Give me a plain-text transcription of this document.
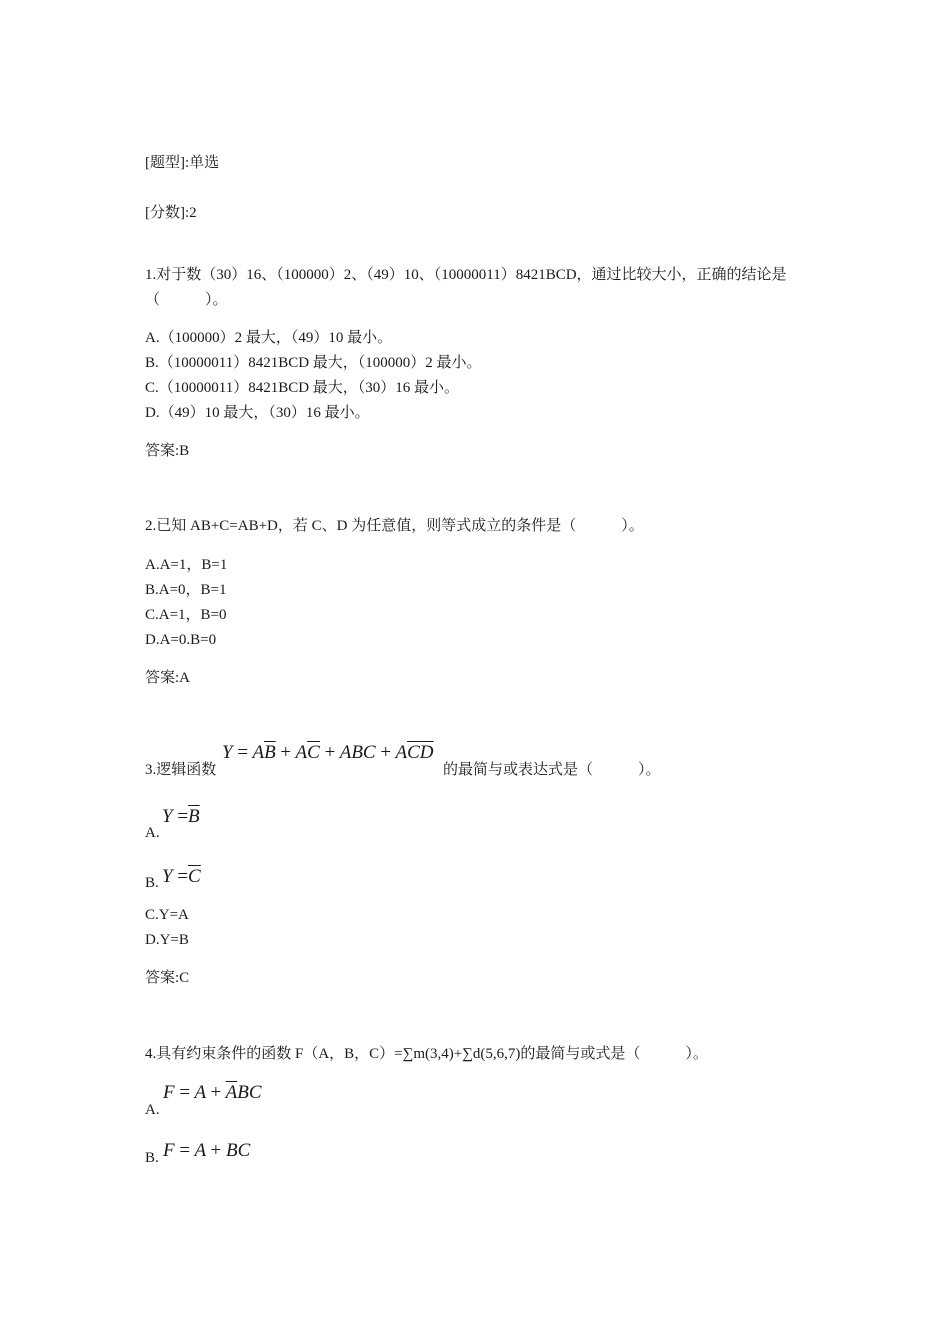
[题型]:单选
[分数]:2
1.对于数（30）16、（100000）2、（49）10、（10000011）8421BCD，通过比较大小，正确的结论是（　　　）。
A.（100000）2 最大，（49）10 最小。
B.（10000011）8421BCD 最大，（100000）2 最小。
C.（10000011）8421BCD 最大，（30）16 最小。
D.（49）10 最大，（30）16 最小。
答案:B
2.已知 AB+C=AB+D，若 C、D 为任意值，则等式成立的条件是（　　　）。
A.A=1，B=1
B.A=0，B=1
C.A=1，B=0
D.A=0.B=0
答案:A
3.逻辑函数
$Y = A\overline{B} + A\overline{C}$ + ABC + $A\overline{C}\overline{D}$
的最简与或表达式是（　　　）。
A.
$Y =\overline{B}$
B. $Y =\overline{C}$
C.Y=A
D.Y=B
答案:C
4.具有约束条件的函数 F（A，B，C）=∑m(3,4)+∑d(5,6,7)的最简与或式是（　　　）。
A.
$F = A + \overline{A}BC$
B. F = A + BC
